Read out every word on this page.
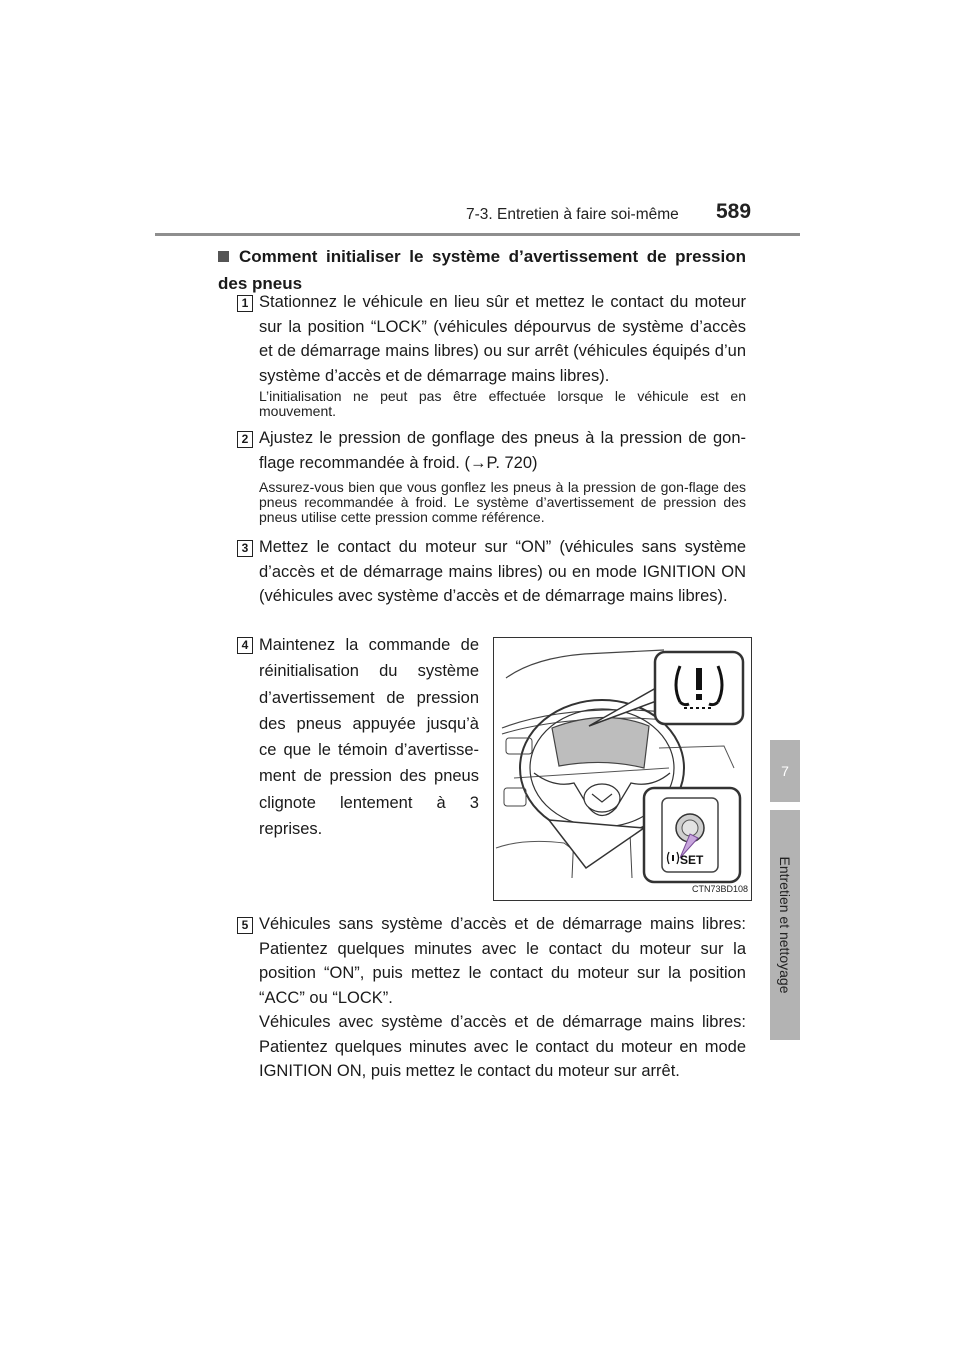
7-3. Entretien à faire soi-même 589
7
Entretien et nettoyage
Comment initialiser le système d’avertissement de pression des pneus
1 Stationnez le véhicule en lieu sûr et mettez le contact du moteur sur la position “LOCK” (véhicules dépourvus de système d’accès et de démarrage mains libres) ou sur arrêt (véhicules équipés d’un système d’accès et de démarrage mains libres).
L’initialisation ne peut pas être effectuée lorsque le véhicule est en mouvement.
2 Ajustez le pression de gonflage des pneus à la pression de gon-flage recommandée à froid. (→P. 720)
Assurez-vous bien que vous gonflez les pneus à la pression de gon-flage des pneus recommandée à froid. Le système d’avertissement de pression des pneus utilise cette pression comme référence.
3 Mettez le contact du moteur sur “ON” (véhicules sans système d’accès et de démarrage mains libres) ou en mode IGNITION ON (véhicules avec système d’accès et de démarrage mains libres).
4 Maintenez la commande de réinitialisation du système d’avertissement de pression des pneus appuyée jusqu’à ce que le témoin d’avertisse-ment de pression des pneus clignote lentement à 3 reprises.
SET
CTN73BD108
5 Véhicules sans système d’accès et de démarrage mains libres: Patientez quelques minutes avec le contact du moteur sur la position “ON”, puis mettez le contact du moteur sur la position “ACC” ou “LOCK”.
Véhicules avec système d’accès et de démarrage mains libres: Patientez quelques minutes avec le contact du moteur en mode IGNITION ON, puis mettez le contact du moteur sur arrêt.
